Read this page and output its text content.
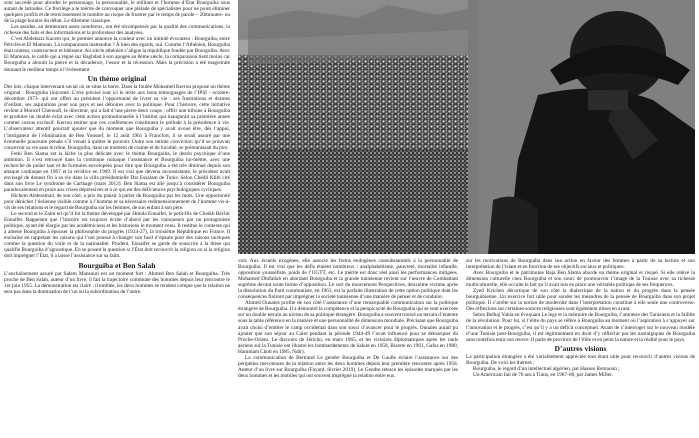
sont succédé pour aborder le personnage, la personnalité, le militant et l’homme d’État Bourguiba sous autant de latitudes. Ce florilège a le mérite de convoquer une pléiade de spécialistes pour ne point éliminer quelques profils et de rétrécissement le nombre au risque de frustrer par le temps de parole – 20minutes- ou de la plage horaire du débat. Le dilemme classique.

Les assidus, au demeurant assez nombreux, ont été récompensés par la qualité des communications, la richesse des faits et des informations et la profondeur des analyses.

C’est Abdelaziz Kacem qui, le premier annonce la couleur avec un intitulé évocateur : Bourguiba, entre Périclès et El Mamoun. La comparaison inattendue ? À bien des égards, oui. Comme l’Athénien, Bourguiba était orateur, constructeur et bâtisseur. Au siècle athénien s’aligne la république fondée par Bourguiba. Avec El Mamoun, le calife qui a régné sur Baghdad à son apogée au 8ème siècle, la comparaison tient moins car Bourguiba a aboutit la pierre et la décadence, l’essor et la récession. Mais la précision a été magistrale donnant le meilleur temps à l’évènement.

Un thème original

Dès lors, chaque intervenant savait où se situe la barre. Dans la foulée Mohamed Kerrou propose un thème original : Bourguiba (in)conte. L’exe précisé tout ici le texte aux bons témoignages de l’IPSI - octobre-décembre 1973- qui ont offert au président l’opportunité de livrer sa vie : ses frustrations et drames d’enfant, ses aspirations pour son pays et ses déboires avec la politique. Pour l’histoire, cette initiative revient à Moncef Chenoufi, le directeur, qui a fait d’une pierre deux coups : offrir une tribune à Bourguiba et produire un double éclat avec cette action promotionnelle à l’institut qui inaugurait sa première année comme cursus exclusif. Kerrou estime que ces conférences constituent le prélude à la présidence à vie. L’observateur attentif pourrait ajouter que du moment que Bourguiba y avait avoué être, dès l’appui, l’instigateur de l’élimination de Ben Youssef, le 12 août 1961 à Francfort, il se serait assuré par une éventuelle poursuite pénale s’il venait à quitter le pouvoir. Outre son intime conviction qu’il se prouvait concevoir sa vie sans le trône, Bourguiba, dans un moment de crainte et de lucidité, se prémunissait du pire.

Fethi Ben Slama est la lâche la plus délicate avec le thème Bourguiba, le destin psychique d’une ambition. Il s’est retrouvé dans la commune ruinaque l’assistance et Bourguiba lui-même, avec une recherche du pulier tant et de formules envelopées pour dire que Bourguiba a été très diminué depuis son attaque cardiaque en 1967 et la récidive en 1969. Il est vrai que devenu inconsistante, le président avait envisagé de donner fin à sa vie dans la villa présidentielle Dar Essalam de Tunis. Selon Chédli Klibi cité dans son livre Le syndrome de Carthage (mars 2012). Ben Slama est allé jusqu’à considérer Bourguiba paradoxalement en proie aux crises dépressives et à ce qui est des déficiences psychologiques cycliques.

Hichem Abdessmad, de son côté, a pris du plaisir à parler de Bourguiba par les mots. Une opportunité pour dénicher l’éolienne visible comme à l’homme et sa nécessaire redimensionnement de l’homme vis-à-vis de ses relations et le regard de Bourguiba sur les femmes, de son enfant à son père.

Le second et le Zaim tel qu’il fut la thème développé par Hmida Ennaifer, le petit-fils de Cheikh Béchir Ennaifer. Rappelant que l’histoire est toujours écrite d’abord par les vainqueurs par un protagoniste politique, ayant été élargie par les académiciens et les historiens le moment venu. Il restitue le contexte qui a amené Bourguiba à épouser la philosophie du progrès (1924-27), la troisième République en France. Il enchaîne en rappelant les raisons qui l’ont poussé à changer son fusil d’épaule pour des raisons tactiques comme la question du voile et de la nationalité. Prudent, Ennaifer se garde de souscrire à la thèse qui qualifie Bourguiba d’agnostique. En se posant la question si l’État doit recouvrir la religion ou si la religion doit imprégner l’État, il a laissé l’assistance sur sa faim.

Bourguiba et Ben Salah

L’enchaînement assuré par Salem Mansouri est un moment fort : Ahmed Ben Salah et Bourguiba. Très proche de Ben Salah, auteur d’un livre, il fait la trajectoire commune des hommes depuis leur rencontre le 1er juin 1955. La démonstration est claire : il emblée, les deux hommes se rendent compte que la relation ne sera pas dans la domination de l’un ou la subordination de l’autre.

voir. Aux écueils exogènes, elle associe les freins endogènes consubstantiels à la personnalité de Bourguiba. Il est vrai que les défis étaient nombreux : analphabétisme, pauvreté, mortalité infantile, opposition yousséfiste, poids de l’UGTT, etc. Le mérite est donc réel ainsi les performances mitigées. Mohamed Dhifallah en abordant Bourguiba et la grande tunisienne revient sur l’œuvre de Combattant suprême devant toute forme d’opposition. Le sort du mouvement Perspectives, deuxième victime après la dissolution du Parti communiste, en 1963, est la parfaite illustration de cette option politique dont les conséquences finiront par imprégner la société tunisienne d’une manière de penser et de conduire.

Ahmed Ounaies profite de son côté l’assistance d’une remarquable communication sur la politique étrangère de Bourguiba. Il a démontré la compétence et la perspicacité de Bourguiba qui se sont exercées sur un double terrain au niveau de sa politique étrangère. Bourguiba a souvent trouvé un terrain d’entente sous la table référence en la matière et une personnalité de dimension mondiale. Précisant que Bourguiba avait choisi d’embler le camp occidental dans son souci d’avancer pour le progrès. Ounaies aurait pu ajouter que son séjour au Caire pendant la période 1944-49 l’avait influencé pour se démarquer du Proche-Orient. Le discours de Jéricho, en mars 1965, et les victoires diplomatiques après les raids aériens sur la Tunisie ont illustré les bombardements de Sakiet en 1958, Bizerte en 1961, Gafsa en 1980, Hammam Chott en 1985, Ndlr).

La communication de Bertrand Le gendre Bourguiba et De Gaulle éclaire l’assistance sur des péripéties méconnues de la relation entre les deux hommes depuis leur première rencontre après 1958. Auteur d’un livre sur Bourguiba (Fayard, février 2019), Le Gendre retrace les épisodes marqués par les deux hommes et les mobiles qui ont souvent imprégné la relation entre eux.

sur les motivations de Bourguiba dans son action en faveur des femmes à partir de sa lecture et son interprétation de l’islam et en fonction de ses objectifs sociaux et politiques.

Avec Bourguiba et le patrimoine Raja Ben Slama aborde un thème original et risqué. Si elle relève la dimension culturelle chez Bourguiba et son souci de promouvoir l’image de la Tunisie avec sa richesse multiculturelle, elle occulte le fait qu’il avait mis en place une véritable politique de ses fréquences.

Zyed Krichen décortique de son côté la dialectique de la nation et du progrès dans la pensée bourguibienne. Un exercice fort utile pour sonder les méandres de la pensée de Bourguiba dans son projet politique. Il s’arrête sur la notion de modernité dans l’interprétation constitue à elle seule une controverse. Des réflexions sur certaines sources religieuses sont également mises en avant.

Selon Belhaj Yahia en évoquant Le legs et la mémoire de Bourguiba, l’amnésie des Tunisiens et la faillite de la révolution. Pour lui, si l’élite du pays se réfère à Bourguiba au moment où l’aspiration à s’appuyer sur l’innovation et le progrès, c’est qu’il y a un déficit conceptuel. Avant de s’interroger sur le nouveau modèle d’une Tunisie post-Bourguiba, il est légitimement en droit d’y réfléchir par les nostalgiques de Bourguiba sans toutefois tenir son œuvre. Il parle de province de l’élite et en peint la nature et la réalité pour le pays.

D’autres visions

La participation étrangère a été variablement appréciée tout étant utile pour recouvrir d’autres visions de Bourguiba. De voici les thèmes :

Bourguiba, le regard d’un intellectuel algérien, par Hassen Remaoun ;

Un Américain fait de 70 ans à Tunis, en 1967-68, par James Miller.
